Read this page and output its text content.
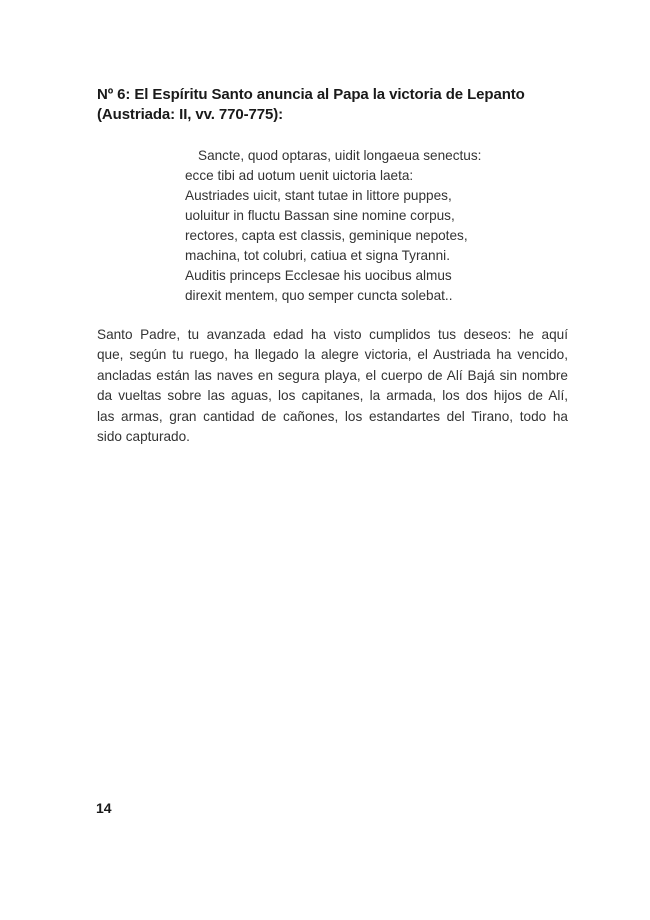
Nº 6: El Espíritu Santo anuncia al Papa la victoria de Lepanto
(Austriada: II, vv. 770-775):
Sancte, quod optaras, uidit longaeua senectus:
ecce tibi ad uotum uenit uictoria laeta:
Austriades uicit, stant tutae in littore puppes,
uoluitur in fluctu Bassan sine nomine corpus,
rectores, capta est classis, geminique nepotes,
machina, tot colubri, catiua et signa Tyranni.
Auditis princeps Ecclesae his uocibus almus
direxit mentem, quo semper cuncta solebat..
Santo Padre, tu avanzada edad ha visto cumplidos tus deseos: he aquí
que, según tu ruego, ha llegado la alegre victoria, el Austriada ha vencido,
ancladas están las naves en segura playa, el cuerpo de Alí Bajá sin nombre
da vueltas sobre las aguas, los capitanes, la armada, los dos hijos de Alí,
las armas, gran cantidad de cañones, los estandartes del Tirano, todo ha
sido capturado.
14
